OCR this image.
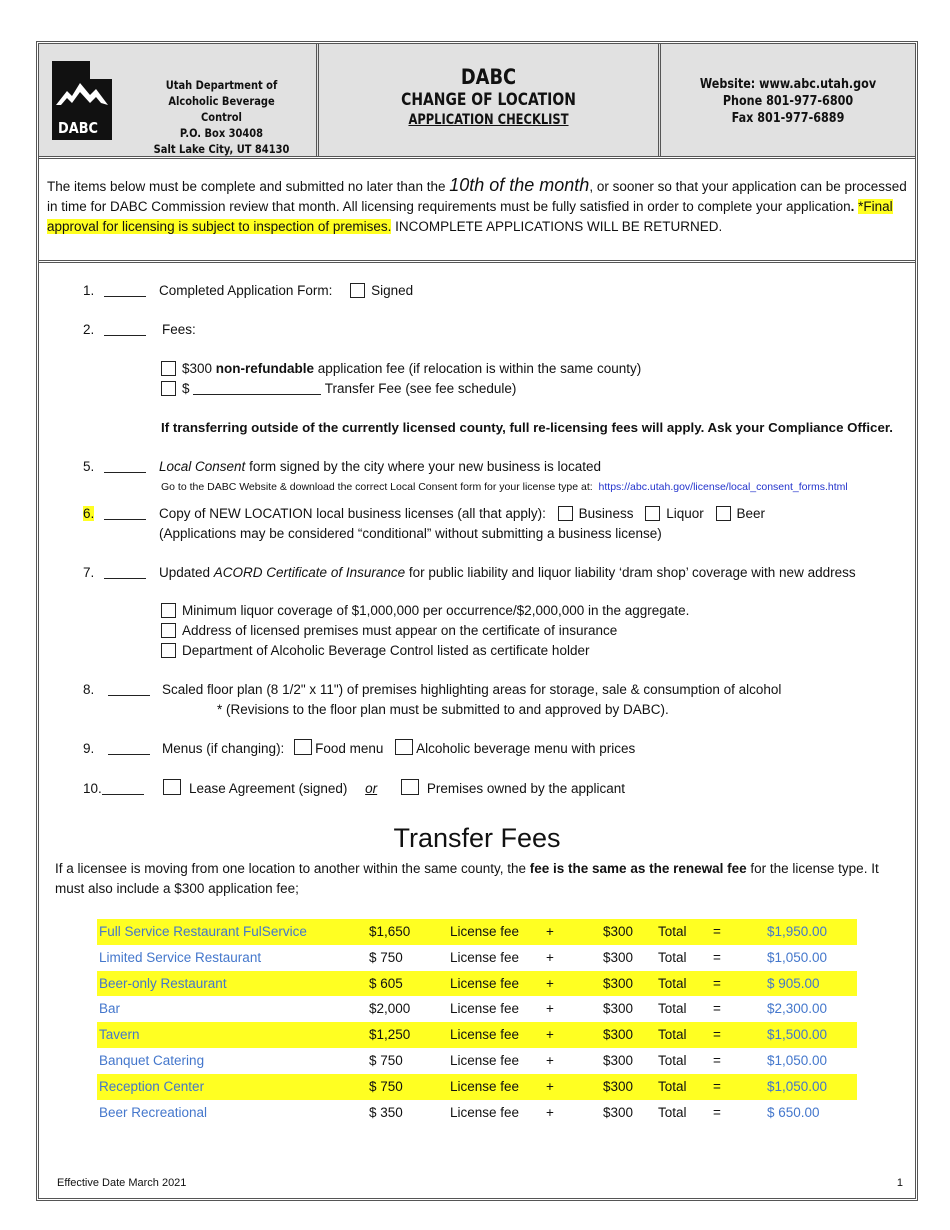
DABC
Utah Department of
Alcoholic Beverage Control
P.O. Box 30408
Salt Lake City, UT 84130
DABC
CHANGE OF LOCATION
APPLICATION CHECKLIST
Website: www.abc.utah.gov
Phone 801-977-6800
Fax 801-977-6889
The items below must be complete and submitted no later than the 10th of the month, or sooner so that your application can be processed in time for DABC Commission review that month. All licensing requirements must be fully satisfied in order to complete your application. *Final approval for licensing is subject to inspection of premises. INCOMPLETE APPLICATIONS WILL BE RETURNED.
1.	Completed Application Form:	Signed
2.	Fees:
$300 non-refundable application fee (if relocation is within the same county)
$	Transfer Fee (see fee schedule)
If transferring outside of the currently licensed county, full re-licensing fees will apply. Ask your Compliance Officer.
5.	Local Consent form signed by the city where your new business is located
Go to the DABC Website & download the correct Local Consent form for your license type at: https://abc.utah.gov/license/local_consent_forms.html
6.	Copy of NEW LOCATION local business licenses (all that apply): Business Liquor Beer
(Applications may be considered “conditional” without submitting a business license)
7.	Updated ACORD Certificate of Insurance for public liability and liquor liability ‘dram shop’ coverage with new address
Minimum liquor coverage of $1,000,000 per occurrence/$2,000,000 in the aggregate.
Address of licensed premises must appear on the certificate of insurance
Department of Alcoholic Beverage Control listed as certificate holder
8.	Scaled floor plan (8 1/2" x 11") of premises highlighting areas for storage, sale & consumption of alcohol
* (Revisions to the floor plan must be submitted to and approved by DABC).
9.	Menus (if changing): Food menu Alcoholic beverage menu with prices
10.	Lease Agreement (signed) or	Premises owned by the applicant
Transfer Fees
If a licensee is moving from one location to another within the same county, the fee is the same as the renewal fee for the license type. It must also include a $300 application fee;
Full Service Restaurant FulService	$1,650	License fee +	$300 Total =	$1,950.00
Limited Service Restaurant	$ 750	License fee +	$300 Total =	$1,050.00
Beer-only Restaurant	$ 605	License fee +	$300 Total =	$ 905.00
Bar	$2,000	License fee +	$300 Total =	$2,300.00
Tavern	$1,250	License fee +	$300 Total =	$1,500.00
Banquet Catering	$ 750	License fee +	$300 Total =	$1,050.00
Reception Center	$ 750	License fee +	$300 Total =	$1,050.00
Beer Recreational	$ 350	License fee +	$300 Total =	$ 650.00
Effective Date March 2021	1
